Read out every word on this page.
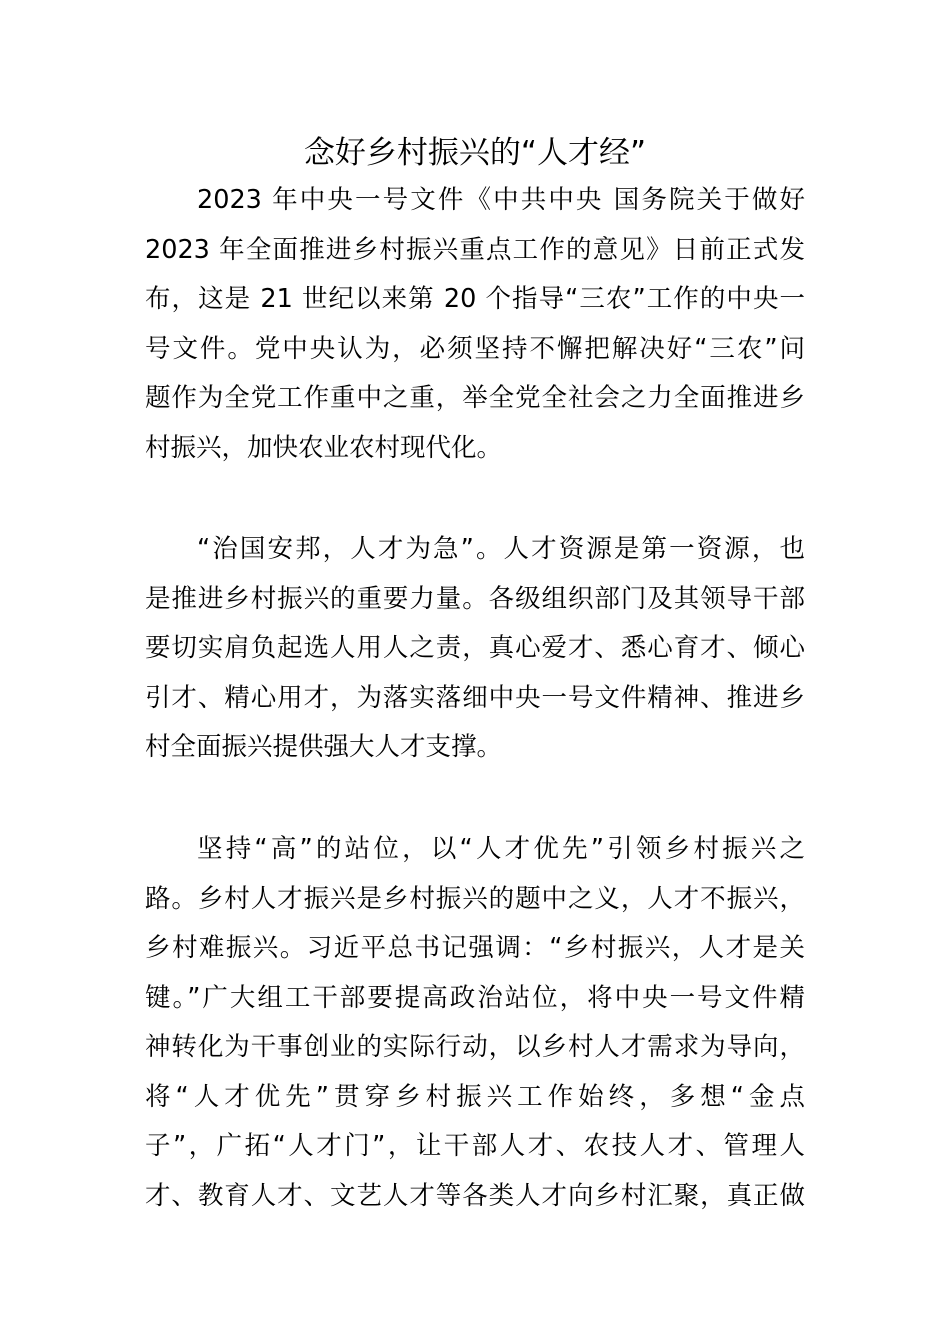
念好乡村振兴的“人才经”
2023 年中央一号文件《中共中央 国务院关于做好
2023 年全面推进乡村振兴重点工作的意见》日前正式发
布，这是 21 世纪以来第 20 个指导“三农”工作的中央一
号文件。党中央认为，必须坚持不懈把解决好“三农”问
题作为全党工作重中之重，举全党全社会之力全面推进乡
村振兴，加快农业农村现代化。
“治国安邦，人才为急”。人才资源是第一资源，也
是推进乡村振兴的重要力量。各级组织部门及其领导干部
要切实肩负起选人用人之责，真心爱才、悉心育才、倾心
引才、精心用才，为落实落细中央一号文件精神、推进乡
村全面振兴提供强大人才支撑。
坚持“高”的站位，以“人才优先”引领乡村振兴之
路。乡村人才振兴是乡村振兴的题中之义，人才不振兴，
乡村难振兴。习近平总书记强调：“乡村振兴，人才是关
键。”广大组工干部要提高政治站位，将中央一号文件精
神转化为干事创业的实际行动，以乡村人才需求为导向，
将“人才优先”贯穿乡村振兴工作始终，多想“金点
子”，广拓“人才门”，让干部人才、农技人才、管理人
才、教育人才、文艺人才等各类人才向乡村汇聚，真正做
